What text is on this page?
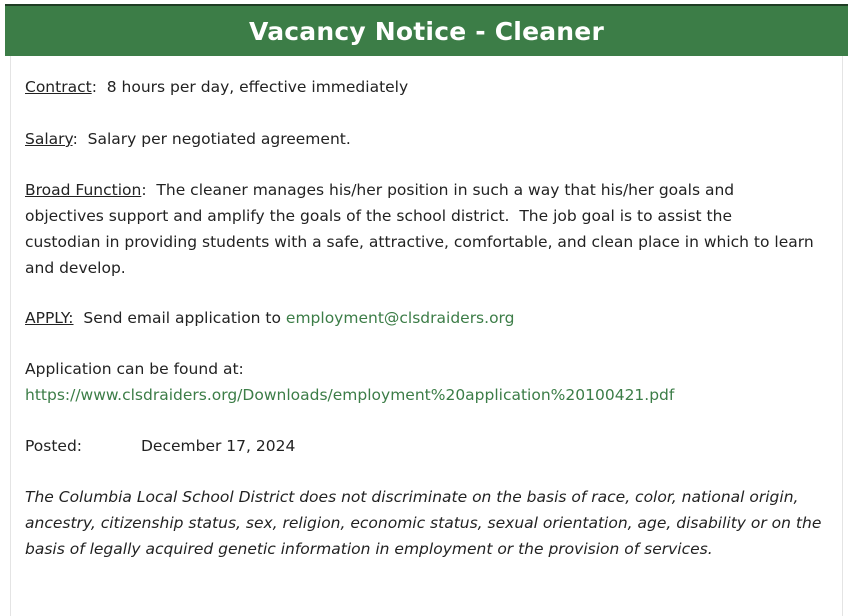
Vacancy Notice - Cleaner

Contract:  8 hours per day, effective immediately

Salary:  Salary per negotiated agreement.

Broad Function:  The cleaner manages his/her position in such a way that his/her goals and
objectives support and amplify the goals of the school district.  The job goal is to assist the
custodian in providing students with a safe, attractive, comfortable, and clean place in which to learn
and develop.

APPLY:  Send email application to employment@clsdraiders.org

Application can be found at:
https://www.clsdraiders.org/Downloads/employment%20application%20100421.pdf

Posted:	December 17, 2024

The Columbia Local School District does not discriminate on the basis of race, color, national origin,
ancestry, citizenship status, sex, religion, economic status, sexual orientation, age, disability or on the
basis of legally acquired genetic information in employment or the provision of services.
